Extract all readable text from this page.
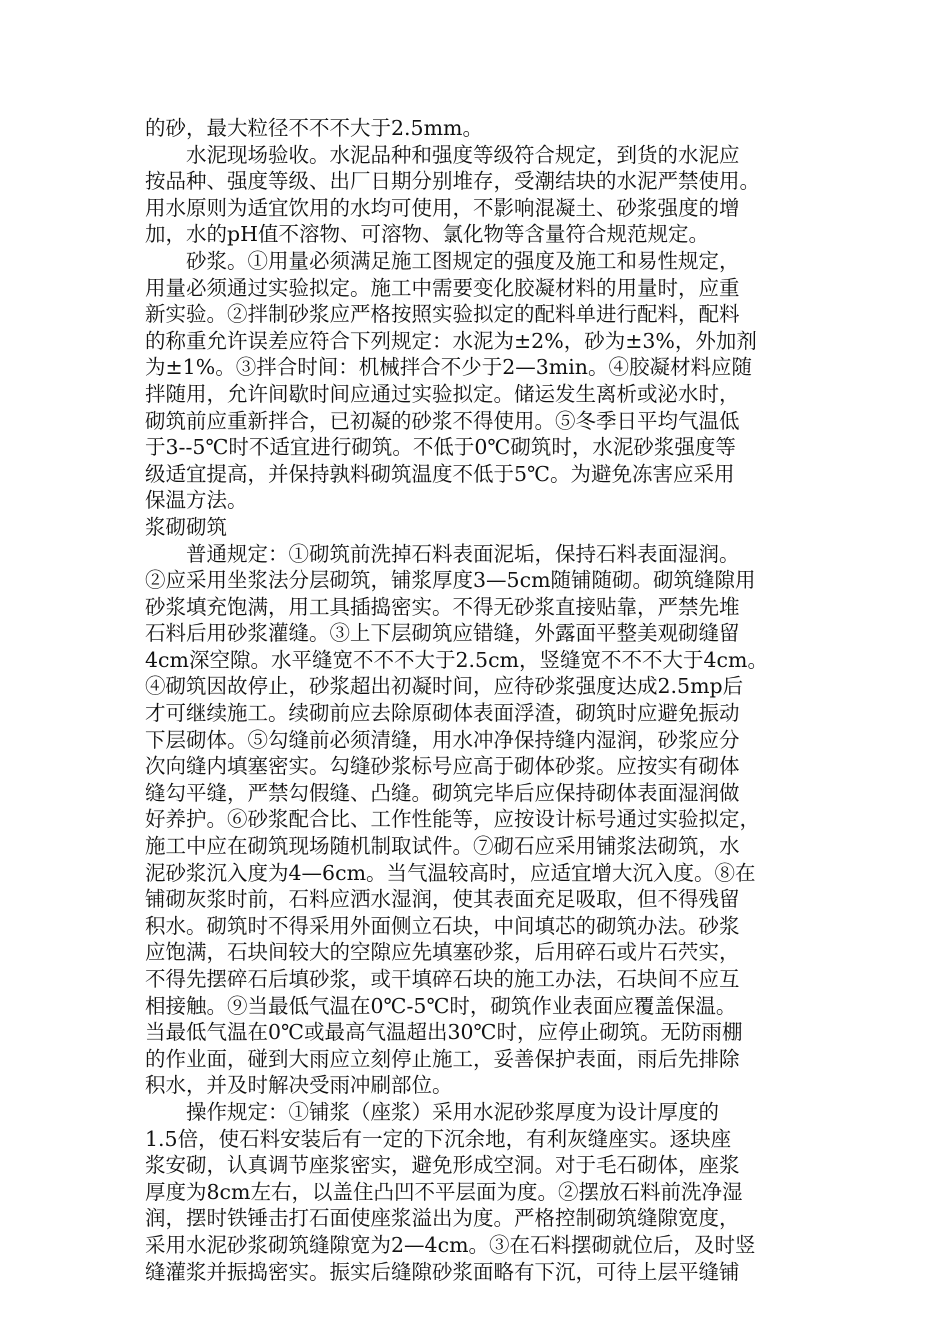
的砂，最大粒径不不不大于2.5mm。
水泥现场验收。水泥品种和强度等级符合规定，到货的水泥应
按品种、强度等级、出厂日期分别堆存，受潮结块的水泥严禁使用。
用水原则为适宜饮用的水均可使用，不影响混凝土、砂浆强度的增
加，水的pH值不溶物、可溶物、氯化物等含量符合规范规定。
砂浆。①用量必须满足施工图规定的强度及施工和易性规定，
用量必须通过实验拟定。施工中需要变化胶凝材料的用量时，应重
新实验。②拌制砂浆应严格按照实验拟定的配料单进行配料，配料
的称重允许误差应符合下列规定：水泥为±2%，砂为±3%，外加剂
为±1%。③拌合时间：机械拌合不少于2—3min。④胶凝材料应随
拌随用，允许间歇时间应通过实验拟定。储运发生离析或泌水时，
砌筑前应重新拌合，已初凝的砂浆不得使用。⑤冬季日平均气温低
于3--5℃时不适宜进行砌筑。不低于0℃砌筑时，水泥砂浆强度等
级适宜提高，并保持孰料砌筑温度不低于5℃。为避免冻害应采用
保温方法。
浆砌砌筑
普通规定：①砌筑前洗掉石料表面泥垢，保持石料表面湿润。
②应采用坐浆法分层砌筑，铺浆厚度3—5cm随铺随砌。砌筑缝隙用
砂浆填充饱满，用工具插捣密实。不得无砂浆直接贴靠，严禁先堆
石料后用砂浆灌缝。③上下层砌筑应错缝，外露面平整美观砌缝留
4cm深空隙。水平缝宽不不不大于2.5cm，竖缝宽不不不大于4cm。
④砌筑因故停止，砂浆超出初凝时间，应待砂浆强度达成2.5mp后
才可继续施工。续砌前应去除原砌体表面浮渣，砌筑时应避免振动
下层砌体。⑤勾缝前必须清缝，用水冲净保持缝内湿润，砂浆应分
次向缝内填塞密实。勾缝砂浆标号应高于砌体砂浆。应按实有砌体
缝勾平缝，严禁勾假缝、凸缝。砌筑完毕后应保持砌体表面湿润做
好养护。⑥砂浆配合比、工作性能等，应按设计标号通过实验拟定，
施工中应在砌筑现场随机制取试件。⑦砌石应采用铺浆法砌筑，水
泥砂浆沉入度为4—6cm。当气温较高时，应适宜增大沉入度。⑧在
铺砌灰浆时前，石料应洒水湿润，使其表面充足吸取，但不得残留
积水。砌筑时不得采用外面侧立石块，中间填芯的砌筑办法。砂浆
应饱满，石块间较大的空隙应先填塞砂浆，后用碎石或片石茓实，
不得先摆碎石后填砂浆，或干填碎石块的施工办法，石块间不应互
相接触。⑨当最低气温在0℃-5℃时，砌筑作业表面应覆盖保温。
当最低气温在0℃或最高气温超出30℃时，应停止砌筑。无防雨棚
的作业面，碰到大雨应立刻停止施工，妥善保护表面，雨后先排除
积水，并及时解决受雨冲刷部位。
操作规定：①铺浆（座浆）采用水泥砂浆厚度为设计厚度的
1.5倍，使石料安装后有一定的下沉余地，有利灰缝座实。逐块座
浆安砌，认真调节座浆密实，避免形成空洞。对于毛石砌体，座浆
厚度为8cm左右，以盖住凸凹不平层面为度。②摆放石料前洗净湿
润，摆时铁锤击打石面使座浆溢出为度。严格控制砌筑缝隙宽度，
采用水泥砂浆砌筑缝隙宽为2—4cm。③在石料摆砌就位后，及时竖
缝灌浆并振捣密实。振实后缝隙砂浆面略有下沉，可待上层平缝铺
